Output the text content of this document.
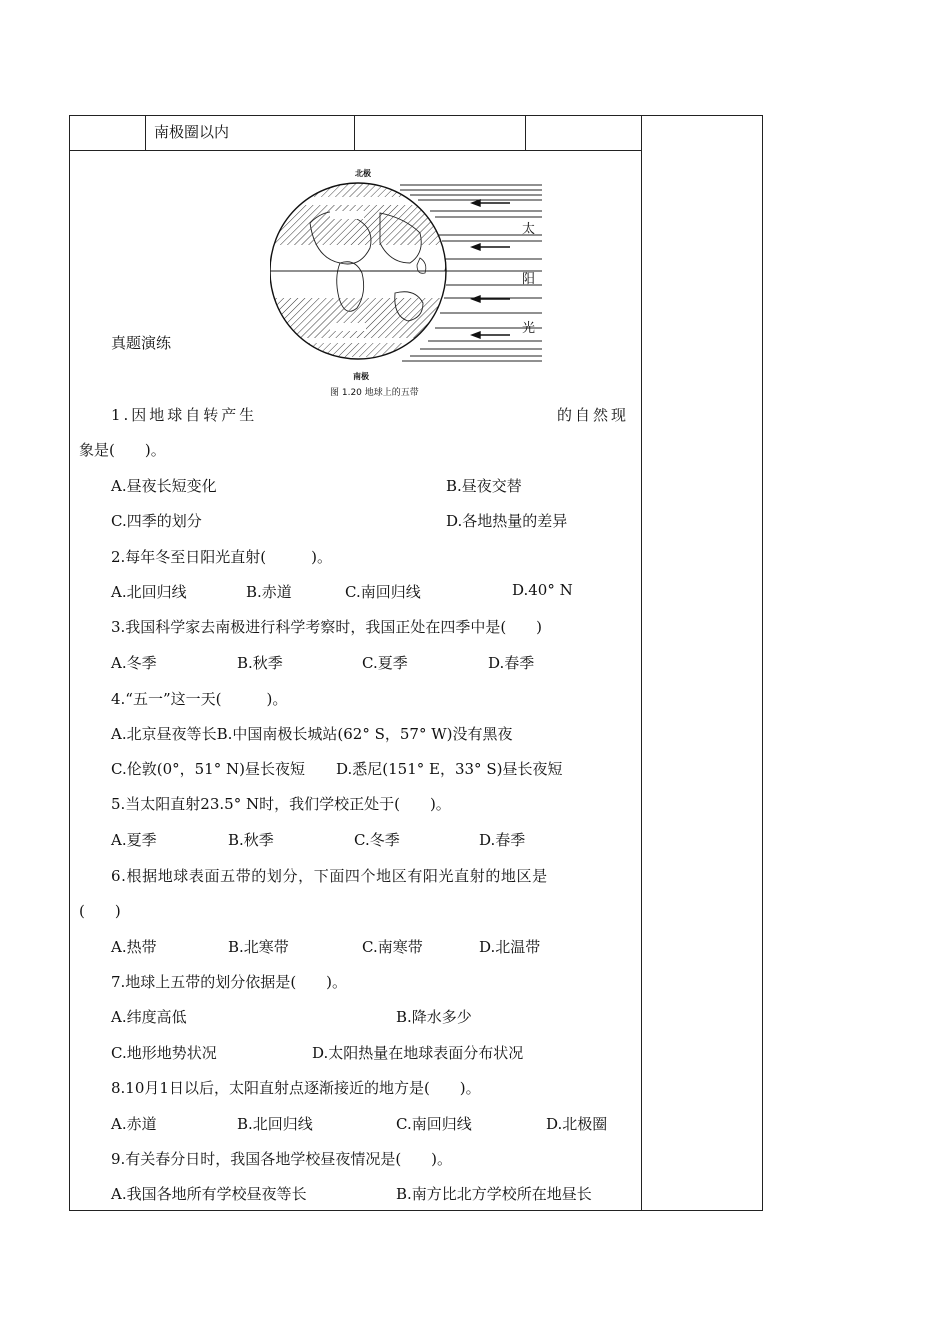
南极圈以内
北极
南极
太
阳
光
图 1.20 地球上的五带
真题演练
1.因地球自转产生	的自然现
象是(　　)。
A.昼夜长短变化	B.昼夜交替
C.四季的划分	D.各地热量的差异
2.每年冬至日阳光直射(　　　)。
A.北回归线	B.赤道	C.南回归线	D.40° N
3.我国科学家去南极进行科学考察时，我国正处在四季中是(　　)
A.冬季	B.秋季	C.夏季	D.春季
4.“五一”这一天(　　　)。
A.北京昼夜等长B.中国南极长城站(62° S，57° W)没有黑夜
C.伦敦(0°，51° N)昼长夜短 D.悉尼(151° E，33° S)昼长夜短
5.当太阳直射23.5° N时，我们学校正处于(　　)。
A.夏季	B.秋季	C.冬季	D.春季
6.根据地球表面五带的划分，下面四个地区有阳光直射的地区是
(　　)
A.热带	B.北寒带	C.南寒带	D.北温带
7.地球上五带的划分依据是(　　)。
A.纬度高低	B.降水多少
C.地形地势状况	D.太阳热量在地球表面分布状况
8.10月1日以后，太阳直射点逐渐接近的地方是(　　)。
A.赤道	B.北回归线	C.南回归线	D.北极圈
9.有关春分日时，我国各地学校昼夜情况是(　　)。
A.我国各地所有学校昼夜等长	B.南方比北方学校所在地昼长
